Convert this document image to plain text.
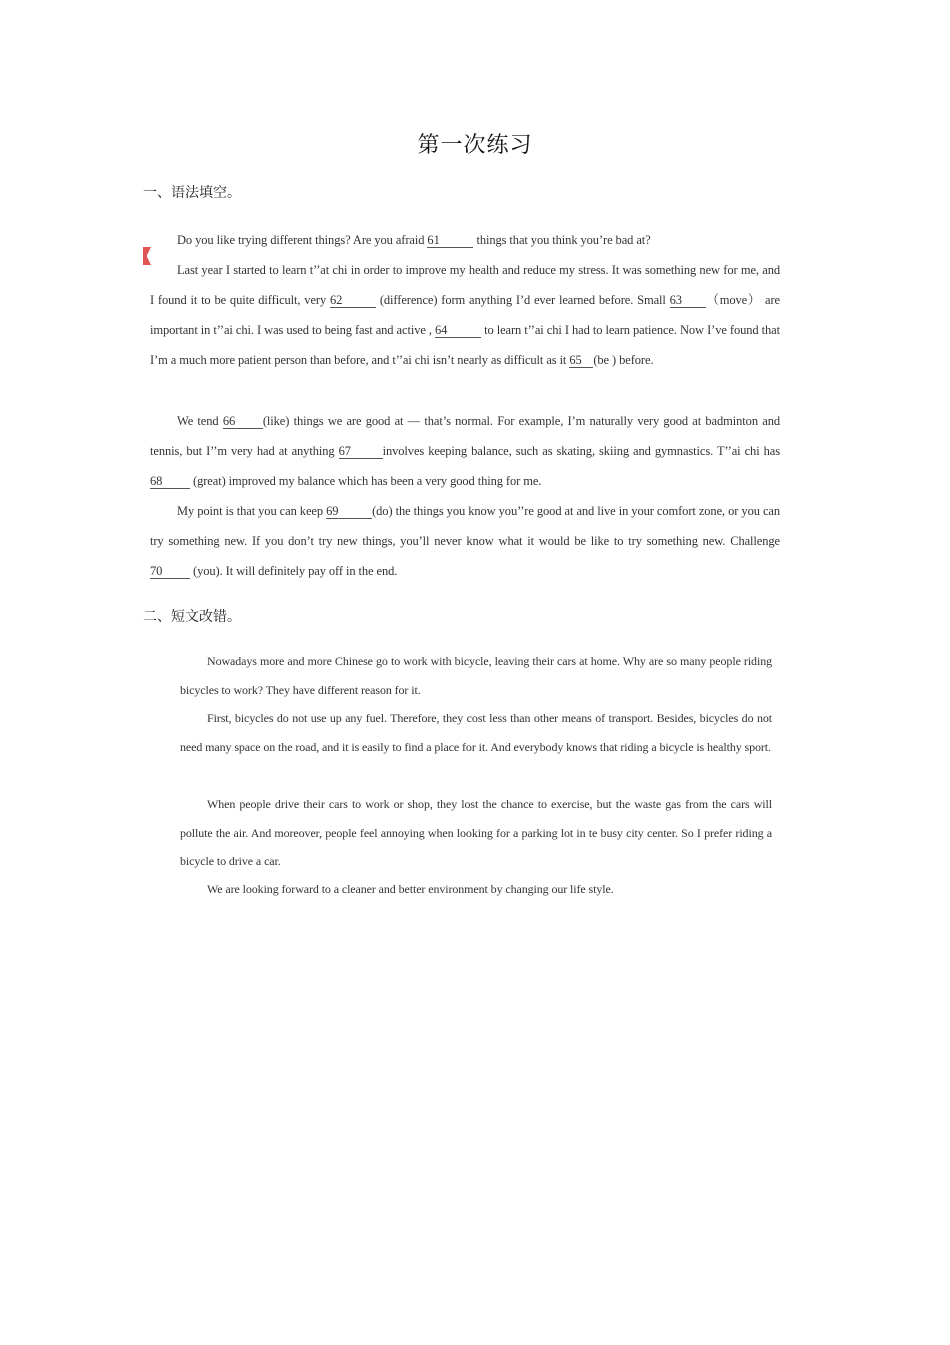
第一次练习
一、语法填空。

Do you like trying different things? Are you afraid 61	things that you think you’re bad at?

Last year I started to learn t’’at chi in order to improve my health and reduce my stress. It was something new for me, and I found it to be quite difficult, very 62	(difference) form anything I’d ever learned before. Small 63 （move） are important in t’’ai chi. I was used to being fast and active , 64	to learn t’’ai chi I had to learn patience. Now I’ve found that I’m a much more patient person than before, and t’’ai chi isn’t nearly as difficult as it 65 (be ) before.

We tend 66 (like) things we are good at — that’s normal. For example, I’m naturally very good at badminton and tennis, but I’’m very had at anything 67	involves keeping balance, such as skating, skiing and gymnastics. T’’ai chi has 68 (great) improved my balance which has been a very good thing for me.

My point is that you can keep 69	(do) the things you know you’’re good at and live in your comfort zone, or you can try something new. If you don’t try new things, you’ll never know what it would be like to try something new. Challenge 70 (you). It will definitely pay off in the end.

二、短文改错。

Nowadays more and more Chinese go to work with bicycle, leaving their cars at home. Why are so many people riding bicycles to work? They have different reason for it.

First, bicycles do not use up any fuel. Therefore, they cost less than other means of transport. Besides, bicycles do not need many space on the road, and it is easily to find a place for it. And everybody knows that riding a bicycle is healthy sport.

When people drive their cars to work or shop, they lost the chance to exercise, but the waste gas from the cars will pollute the air. And moreover, people feel annoying when looking for a parking lot in te busy city center. So I prefer riding a bicycle to drive a car.

We are looking forward to a cleaner and better environment by changing our life style.
